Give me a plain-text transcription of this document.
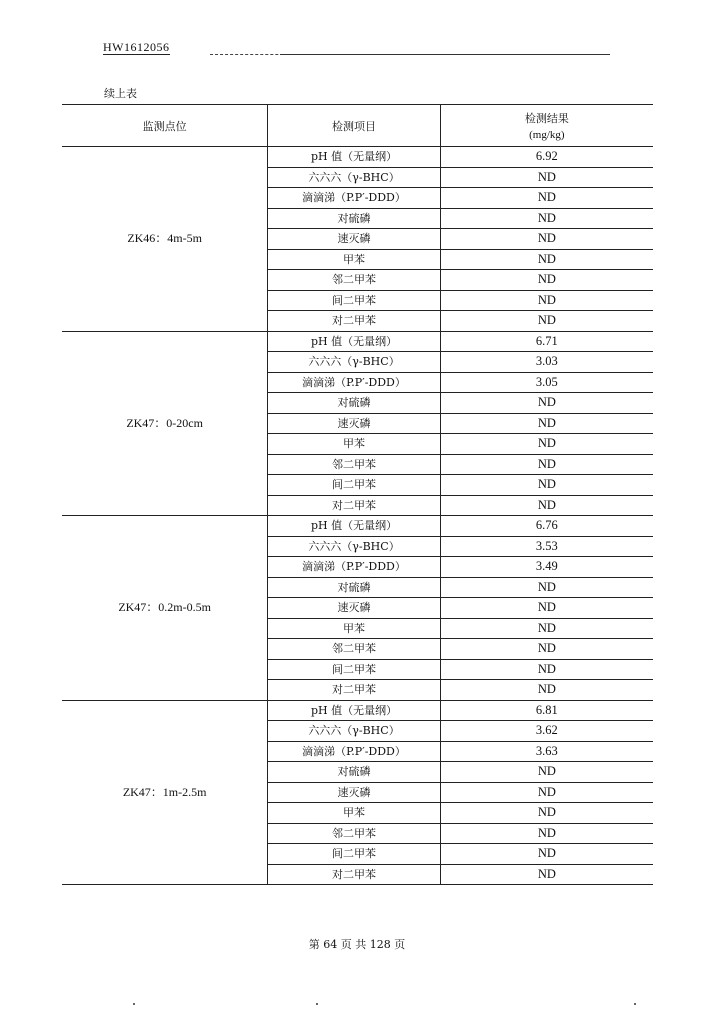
HW1612056
续上表
监测点位	检测项目	检测结果
(mg/kg)

ZK46：4m-5m	pH 值（无量纲）	6.92
	六六六（γ-BHC）	ND
	滴滴涕（P.P′-DDD）	ND
	对硫磷	ND
	速灭磷	ND
	甲苯	ND
	邻二甲苯	ND
	间二甲苯	ND
	对二甲苯	ND
ZK47：0-20cm	pH 值（无量纲）	6.71
	六六六（γ-BHC）	3.03
	滴滴涕（P.P′-DDD）	3.05
	对硫磷	ND
	速灭磷	ND
	甲苯	ND
	邻二甲苯	ND
	间二甲苯	ND
	对二甲苯	ND
ZK47：0.2m-0.5m	pH 值（无量纲）	6.76
	六六六（γ-BHC）	3.53
	滴滴涕（P.P′-DDD）	3.49
	对硫磷	ND
	速灭磷	ND
	甲苯	ND
	邻二甲苯	ND
	间二甲苯	ND
	对二甲苯	ND
ZK47：1m-2.5m	pH 值（无量纲）	6.81
	六六六（γ-BHC）	3.62
	滴滴涕（P.P′-DDD）	3.63
	对硫磷	ND
	速灭磷	ND
	甲苯	ND
	邻二甲苯	ND
	间二甲苯	ND
	对二甲苯	ND
第 64 页 共 128 页
